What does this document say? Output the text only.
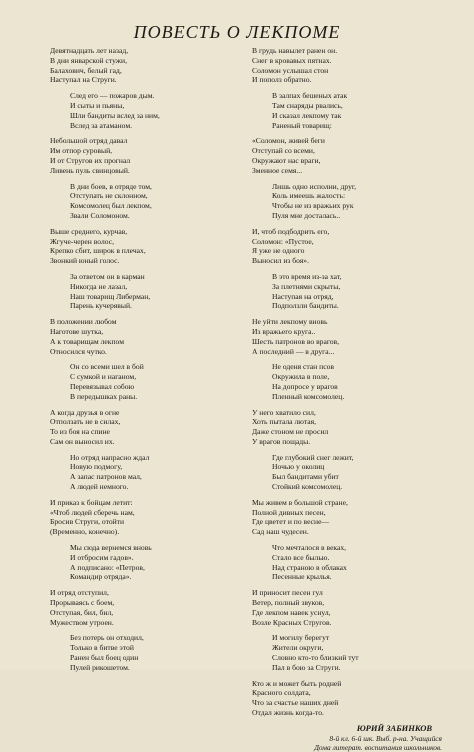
ПОВЕСТЬ О ЛЕКПОМЕ
Девятнадцать лет назад,
В дни январской стужи,
Балахович, белый гад,
Наступал на Струги.
След его — пожаров дым.
И сыты и пьяны,
Шли бандиты вслед за ним,
Вслед за атаманом.
Небольшой отряд давал
Им отпор суровый,
И от Стругов их прогнал
Ливень пуль свинцовый.
В дни боев, в отряде том,
Отступать не склонном,
Комсомолец был лекпом,
Звали Соломоном.
Выше среднего, курчав,
Жгуче-черен волос,
Крепко сбит, широк в плечах,
Звонкий юный голос.
За ответом он в карман
Никогда не лазал,
Наш товарищ Либерман,
Парень кучерявый.
В положении любом
Наготове шутка,
А к товарищам лекпом
Относился чутко.
Он со всеми шел в бой
С сумкой и наганом,
Перевязывал собою
В передышках раны.
А когда друзья в огне
Отползать не в силах,
То из боя на спине
Сам он выносил их.
Но отряд напрасно ждал
Новую подмогу,
А запас патронов мал,
А людей немного.
И приказ к бойцам летит:
«Чтоб людей сберечь нам,
Бросив Струги, отойти
(Временно, конечно).
Мы сюда вернемся вновь
И отбросим гадов».
А подписано: «Петров,
Командир отряда».
И отряд отступил,
Прорываясь с боем,
Отступая, бил, бил,
Мужеством утроен.
Без потерь он отходил,
Только в битве этой
Ранен был боец один
Пулей рикошетом.
В грудь навылет ранен он.
Снег в кровавых пятнах.
Соломон услышал стон
И пополз обратно.
В залпах бешеных атак
Там снаряды рвались,
И сказал лекпому так
Раненый товарищ:
«Соломон, живей беги
Отступай со всеми,
Окружают нас враги,
Змеиное семя...
Лишь одно исполни, друг,
Коль имеешь жалость:
Чтобы не из вражьих рук
Пуля мне досталась..
И, чтоб подбодрить его,
Соломон: «Пустое,
Я уже не одного
Выносил из боя».
В это время из-за хат,
За плетнями скрыты,
Наступая на отряд,
Подползли бандиты.
Не уйти лекпому вновь
Из вражьего круга..
Шесть патронов во врагов,
А последний — в друга...
Не оденя стан псов
Окружила в поле,
На допросе у врагов
Пленный комсомолец.
У него хватило сил,
Хоть пытала лютая,
Даже стоном не просил
У врагов пощады.
Где глубокий снег лежит,
Ночью у околиц
Был бандитами убит
Стойкий комсомолец.
Мы живем в большой стране,
Полной дивных песен,
Где цветет и по весне—
Сад наш чудесен.
Что мечталося в веках,
Стало все былью.
Над страною в облаках
Песенные крылья.
И приносит песен гул
Ветер, полный звуков,
Где лекпом навек уснул,
Возле Красных Стругов.
И могилу берегут
Жители округи,
Словно кто-то близкий тут
Пал в бою за Струги.
Кто ж и может быть родней
Красного солдата,
Что за счастье наших дней
Отдал жизнь когда-то.
ЮРИЙ ЗАБИНКОВ
8-й кл. 6-й шк. Выб. р-на. Учащийся
Дома литерат. воспитания школьников.
